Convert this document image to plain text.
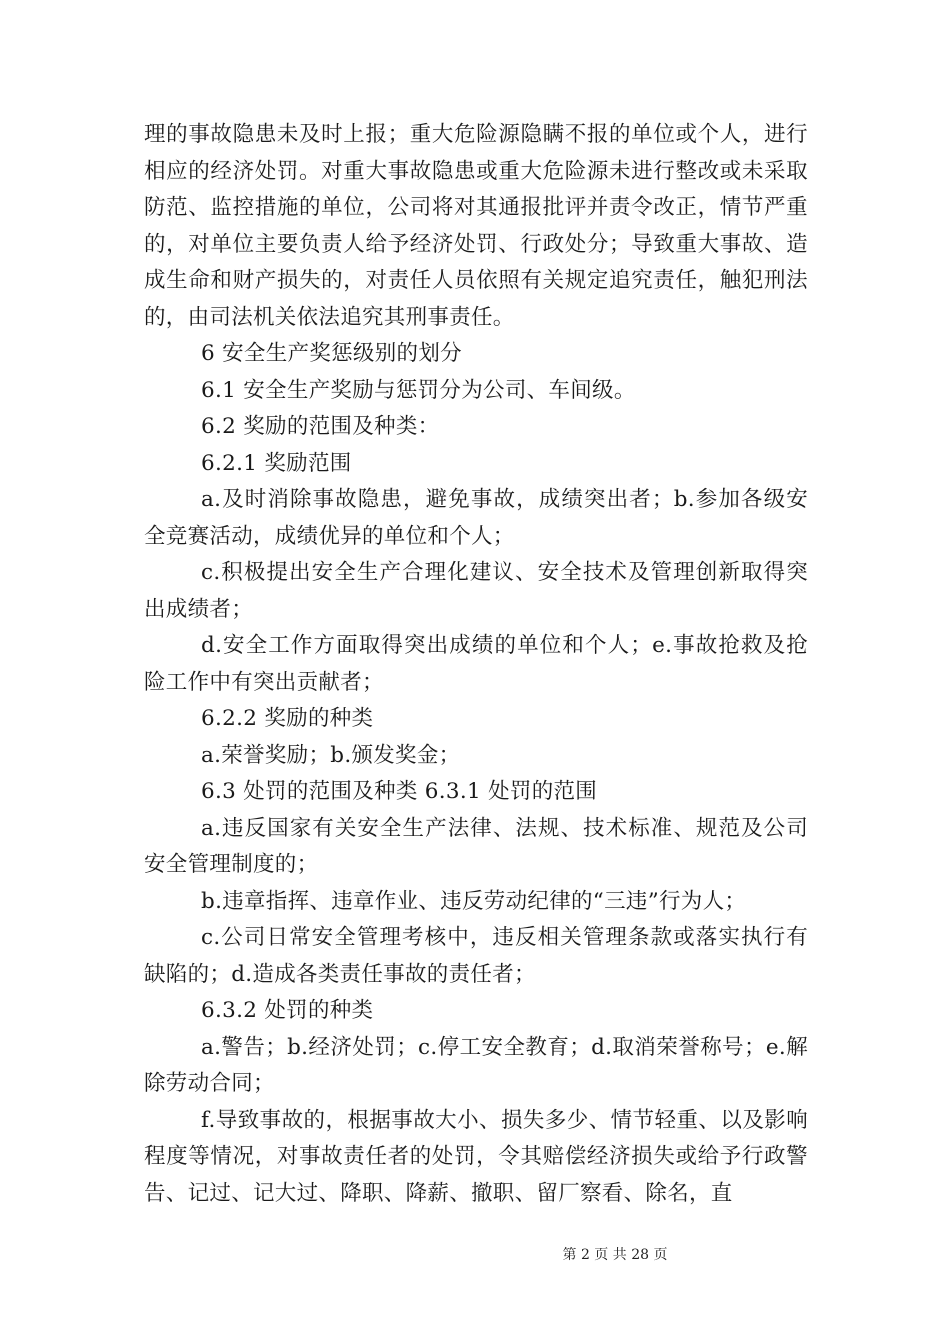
理的事故隐患未及时上报；重大危险源隐瞒不报的单位或个人，进行相应的经济处罚。对重大事故隐患或重大危险源未进行整改或未采取防范、监控措施的单位，公司将对其通报批评并责令改正，情节严重的，对单位主要负责人给予经济处罚、行政处分；导致重大事故、造成生命和财产损失的，对责任人员依照有关规定追究责任，触犯刑法的，由司法机关依法追究其刑事责任。

6 安全生产奖惩级别的划分

6.1 安全生产奖励与惩罚分为公司、车间级。

6.2 奖励的范围及种类：

6.2.1 奖励范围

a.及时消除事故隐患，避免事故，成绩突出者；b.参加各级安全竞赛活动，成绩优异的单位和个人；

c.积极提出安全生产合理化建议、安全技术及管理创新取得突出成绩者；

d.安全工作方面取得突出成绩的单位和个人；e.事故抢救及抢险工作中有突出贡献者；

6.2.2 奖励的种类

a.荣誉奖励；b.颁发奖金；

6.3 处罚的范围及种类 6.3.1 处罚的范围

a.违反国家有关安全生产法律、法规、技术标准、规范及公司安全管理制度的；

b.违章指挥、违章作业、违反劳动纪律的“三违”行为人；

c.公司日常安全管理考核中，违反相关管理条款或落实执行有缺陷的；d.造成各类责任事故的责任者；

6.3.2 处罚的种类

a.警告；b.经济处罚；c.停工安全教育；d.取消荣誉称号；e.解除劳动合同；

f.导致事故的，根据事故大小、损失多少、情节轻重、以及影响程度等情况，对事故责任者的处罚，令其赔偿经济损失或给予行政警告、记过、记大过、降职、降薪、撤职、留厂察看、除名，直

第 2 页 共 28 页
